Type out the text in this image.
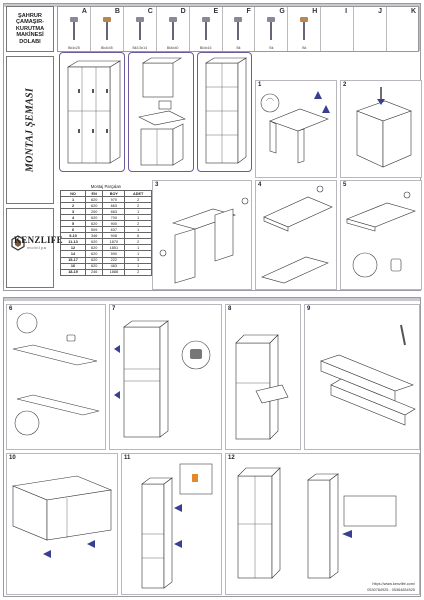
ŞAHRUR
ÇAMAŞIR-
KURUTMA
MAKİNESİ
DOLABI
A
Bk4x25
B
Bk4x45
C
Bk3.5x14
D
Bk6x40
E
Bk4x16
F
Bk
G
Bk
H
Bk
I	J	K
MONTAJ ŞEMASI
KENZLIFE
mobilya
Montaj Parçaları
NO	EN	BOY	ADET
1	620	970	2
2	620	663	2
3	200	663	1
4	620	700	1
5	620	900	2
6	509	637	1
9-10	346	908	6
11-13	620	1870	2
12	620	1851	1
14	620	590	1
15-17	620	222	3
16	620	463	1
18-19	246	1888	2
1	2
3	4	5
6	7	8	9
10	11	12
https://www.kenzlife.com/
0530784925 - 05364834925
